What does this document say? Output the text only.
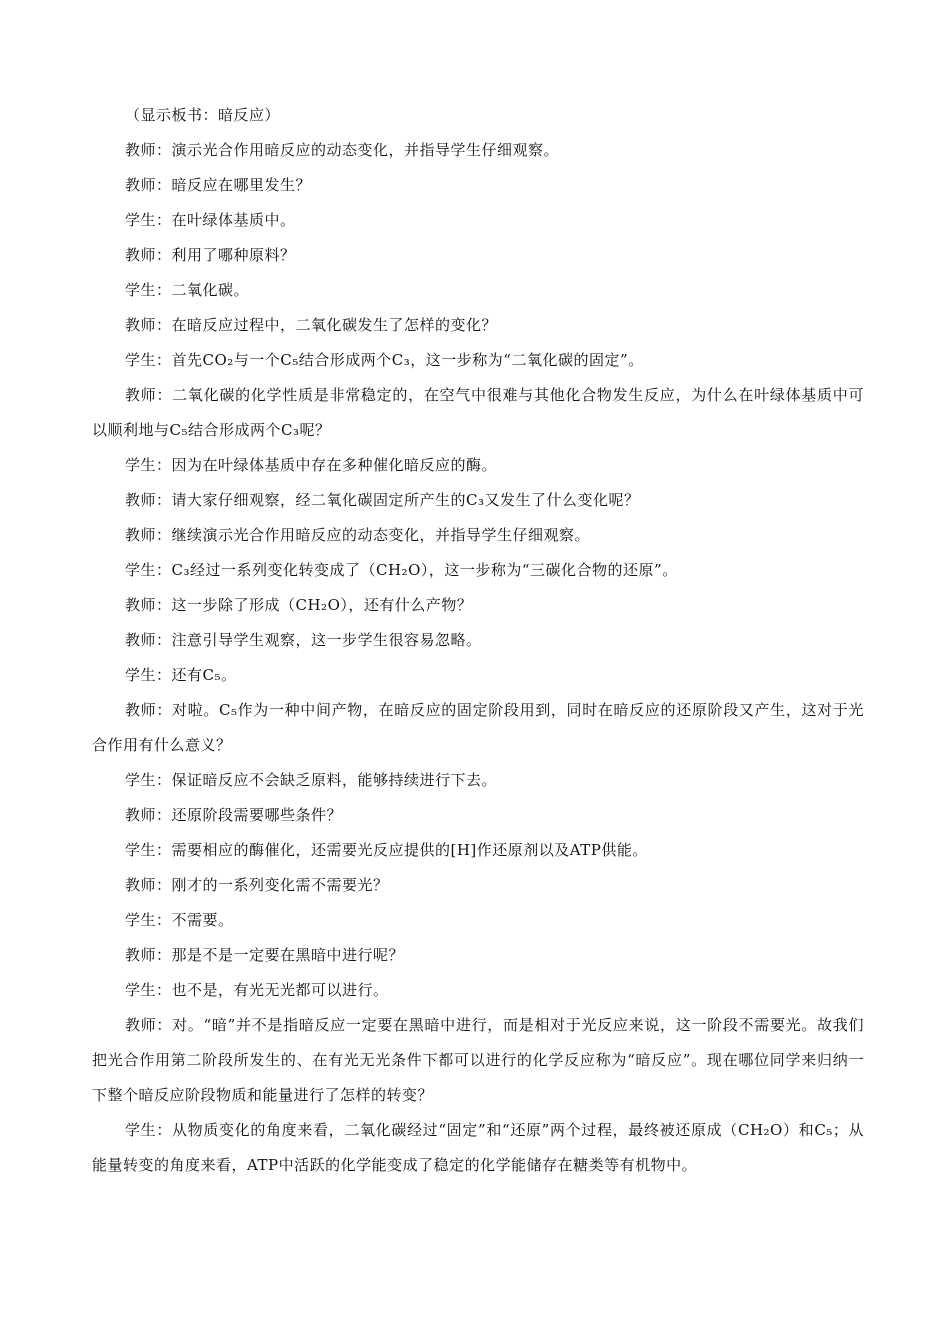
（显示板书：暗反应）

教师：演示光合作用暗反应的动态变化，并指导学生仔细观察。

教师：暗反应在哪里发生？

学生：在叶绿体基质中。

教师：利用了哪种原料？

学生：二氧化碳。

教师：在暗反应过程中，二氧化碳发生了怎样的变化？

学生：首先CO₂与一个C₅结合形成两个C₃，这一步称为“二氧化碳的固定”。

教师：二氧化碳的化学性质是非常稳定的，在空气中很难与其他化合物发生反应，为什么在叶绿体基质中可以顺利地与C₅结合形成两个C₃呢？

学生：因为在叶绿体基质中存在多种催化暗反应的酶。

教师：请大家仔细观察，经二氧化碳固定所产生的C₃又发生了什么变化呢？

教师：继续演示光合作用暗反应的动态变化，并指导学生仔细观察。

学生：C₃经过一系列变化转变成了（CH₂O），这一步称为“三碳化合物的还原”。

教师：这一步除了形成（CH₂O），还有什么产物？

教师：注意引导学生观察，这一步学生很容易忽略。

学生：还有C₅。

教师：对啦。C₅作为一种中间产物，在暗反应的固定阶段用到，同时在暗反应的还原阶段又产生，这对于光合作用有什么意义？

学生：保证暗反应不会缺乏原料，能够持续进行下去。

教师：还原阶段需要哪些条件？

学生：需要相应的酶催化，还需要光反应提供的[H]作还原剂以及ATP供能。

教师：刚才的一系列变化需不需要光？

学生：不需要。

教师：那是不是一定要在黑暗中进行呢？

学生：也不是，有光无光都可以进行。

教师：对。“暗”并不是指暗反应一定要在黑暗中进行，而是相对于光反应来说，这一阶段不需要光。故我们把光合作用第二阶段所发生的、在有光无光条件下都可以进行的化学反应称为“暗反应”。现在哪位同学来归纳一下整个暗反应阶段物质和能量进行了怎样的转变？

学生：从物质变化的角度来看，二氧化碳经过“固定”和“还原”两个过程，最终被还原成（CH₂O）和C₅；从能量转变的角度来看，ATP中活跃的化学能变成了稳定的化学能储存在糖类等有机物中。
